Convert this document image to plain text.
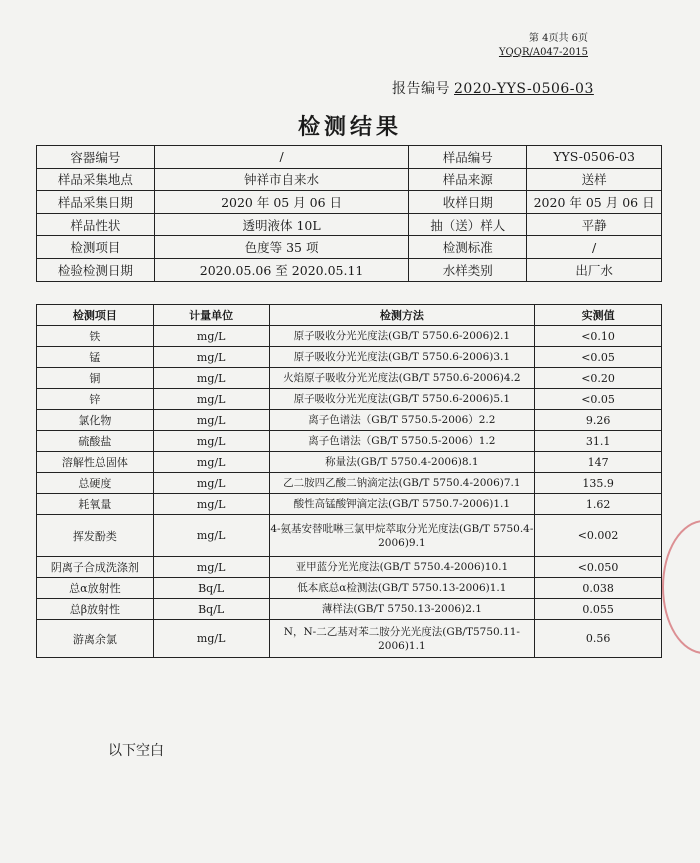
第 4页共 6页
YQQR/A047-2015
报告编号 2020-YYS-0506-03
检测结果
容器编号	/	样品编号	YYS-0506-03
样品采集地点	钟祥市自来水	样品来源	送样
样品采集日期	2020 年 05 月 06 日	收样日期	2020 年 05 月 06 日
样品性状	透明液体 10L	抽（送）样人	平静
检测项目	色度等 35 项	检测标准	/
检验检测日期	2020.05.06 至 2020.05.11	水样类别	出厂水
检测项目	计量单位	检测方法	实测值
铁	mg/L	原子吸收分光光度法(GB/T 5750.6-2006)2.1	<0.10
锰	mg/L	原子吸收分光光度法(GB/T 5750.6-2006)3.1	<0.05
铜	mg/L	火焰原子吸收分光光度法(GB/T 5750.6-2006)4.2	<0.20
锌	mg/L	原子吸收分光光度法(GB/T 5750.6-2006)5.1	<0.05
氯化物	mg/L	离子色谱法（GB/T 5750.5-2006）2.2	9.26
硫酸盐	mg/L	离子色谱法（GB/T 5750.5-2006）1.2	31.1
溶解性总固体	mg/L	称量法(GB/T 5750.4-2006)8.1	147
总硬度	mg/L	乙二胺四乙酸二钠滴定法(GB/T 5750.4-2006)7.1	135.9
耗氧量	mg/L	酸性高锰酸钾滴定法(GB/T 5750.7-2006)1.1	1.62
挥发酚类	mg/L	4-氨基安替吡啉三氯甲烷萃取分光光度法(GB/T 5750.4-2006)9.1	<0.002
阴离子合成洗涤剂	mg/L	亚甲蓝分光光度法(GB/T 5750.4-2006)10.1	<0.050
总α放射性	Bq/L	低本底总α检测法(GB/T 5750.13-2006)1.1	0.038
总β放射性	Bq/L	薄样法(GB/T 5750.13-2006)2.1	0.055
游离余氯	mg/L	N，N-二乙基对苯二胺分光光度法(GB/T5750.11-2006)1.1	0.56
以下空白
